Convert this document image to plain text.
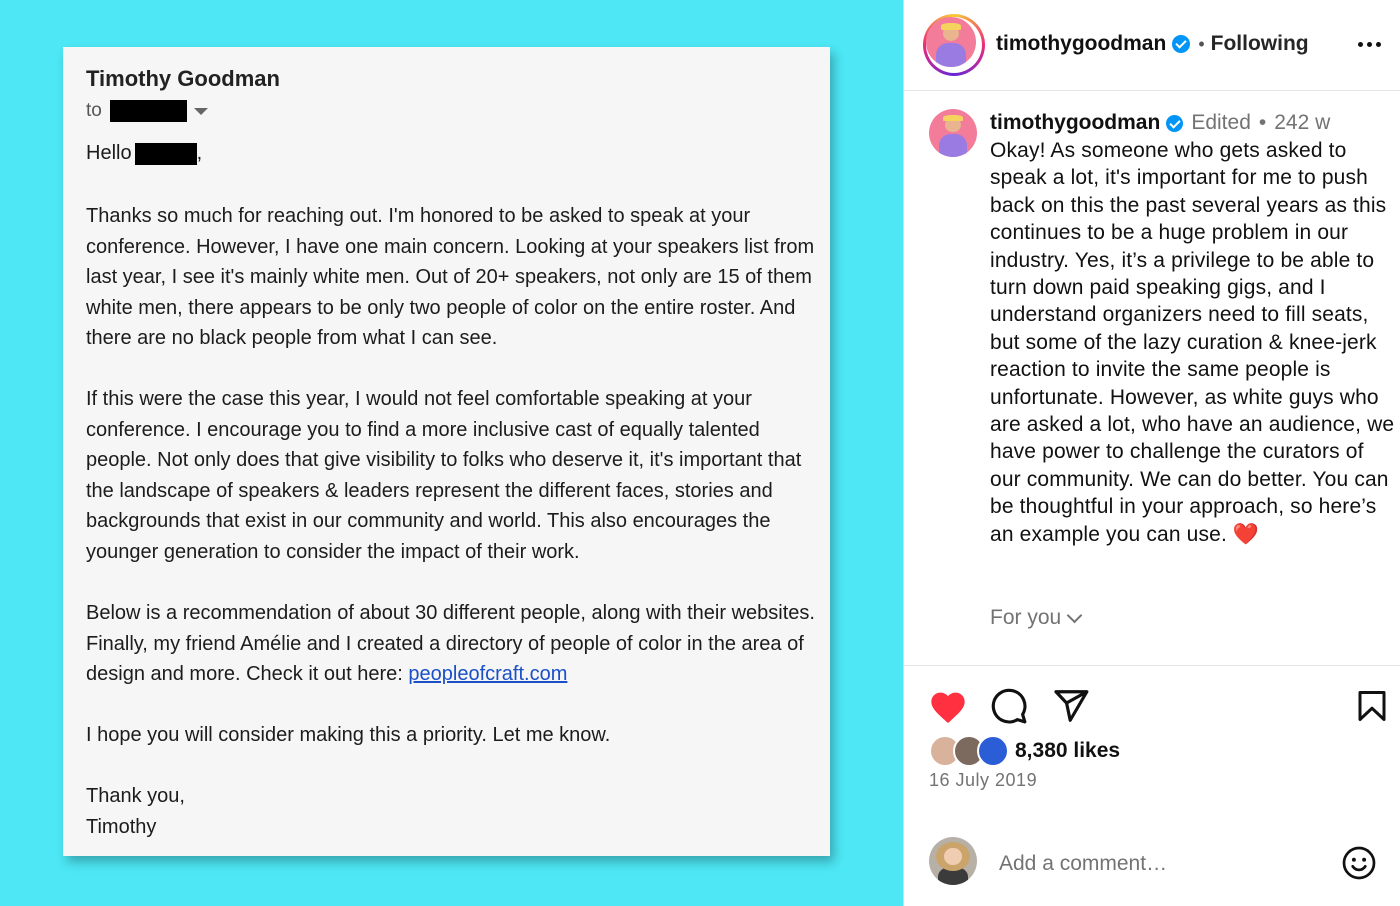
Timothy Goodman
to
Hello	,
Thanks so much for reaching out. I'm honored to be asked to speak at your conference. However, I have one main concern. Looking at your speakers list from last year, I see it's mainly white men. Out of 20+ speakers, not only are 15 of them white men, there appears to be only two people of color on the entire roster. And there are no black people from what I can see.
If this were the case this year, I would not feel comfortable speaking at your conference. I encourage you to find a more inclusive cast of equally talented people. Not only does that give visibility to folks who deserve it, it's important that the landscape of speakers & leaders represent the different faces, stories and backgrounds that exist in our community and world. This also encourages the younger generation to consider the impact of their work.
Below is a recommendation of about 30 different people, along with their websites. Finally, my friend Amélie and I created a directory of people of color in the area of design and more. Check it out here: peopleofcraft.com
I hope you will consider making this a priority. Let me know.
Thank you,
Timothy
timothygoodman • Following
timothygoodman Edited • 242 w
Okay! As someone who gets asked to speak a lot, it's important for me to push back on this the past several years as this continues to be a huge problem in our industry. Yes, it’s a privilege to be able to turn down paid speaking gigs, and I understand organizers need to fill seats, but some of the lazy curation & knee-jerk reaction to invite the same people is unfortunate. However, as white guys who are asked a lot, who have an audience, we have power to challenge the curators of our community. We can do better. You can be thoughtful in your approach, so here’s an example you can use. ❤️
For you
8,380 likes
16 July 2019
Add a comment…
